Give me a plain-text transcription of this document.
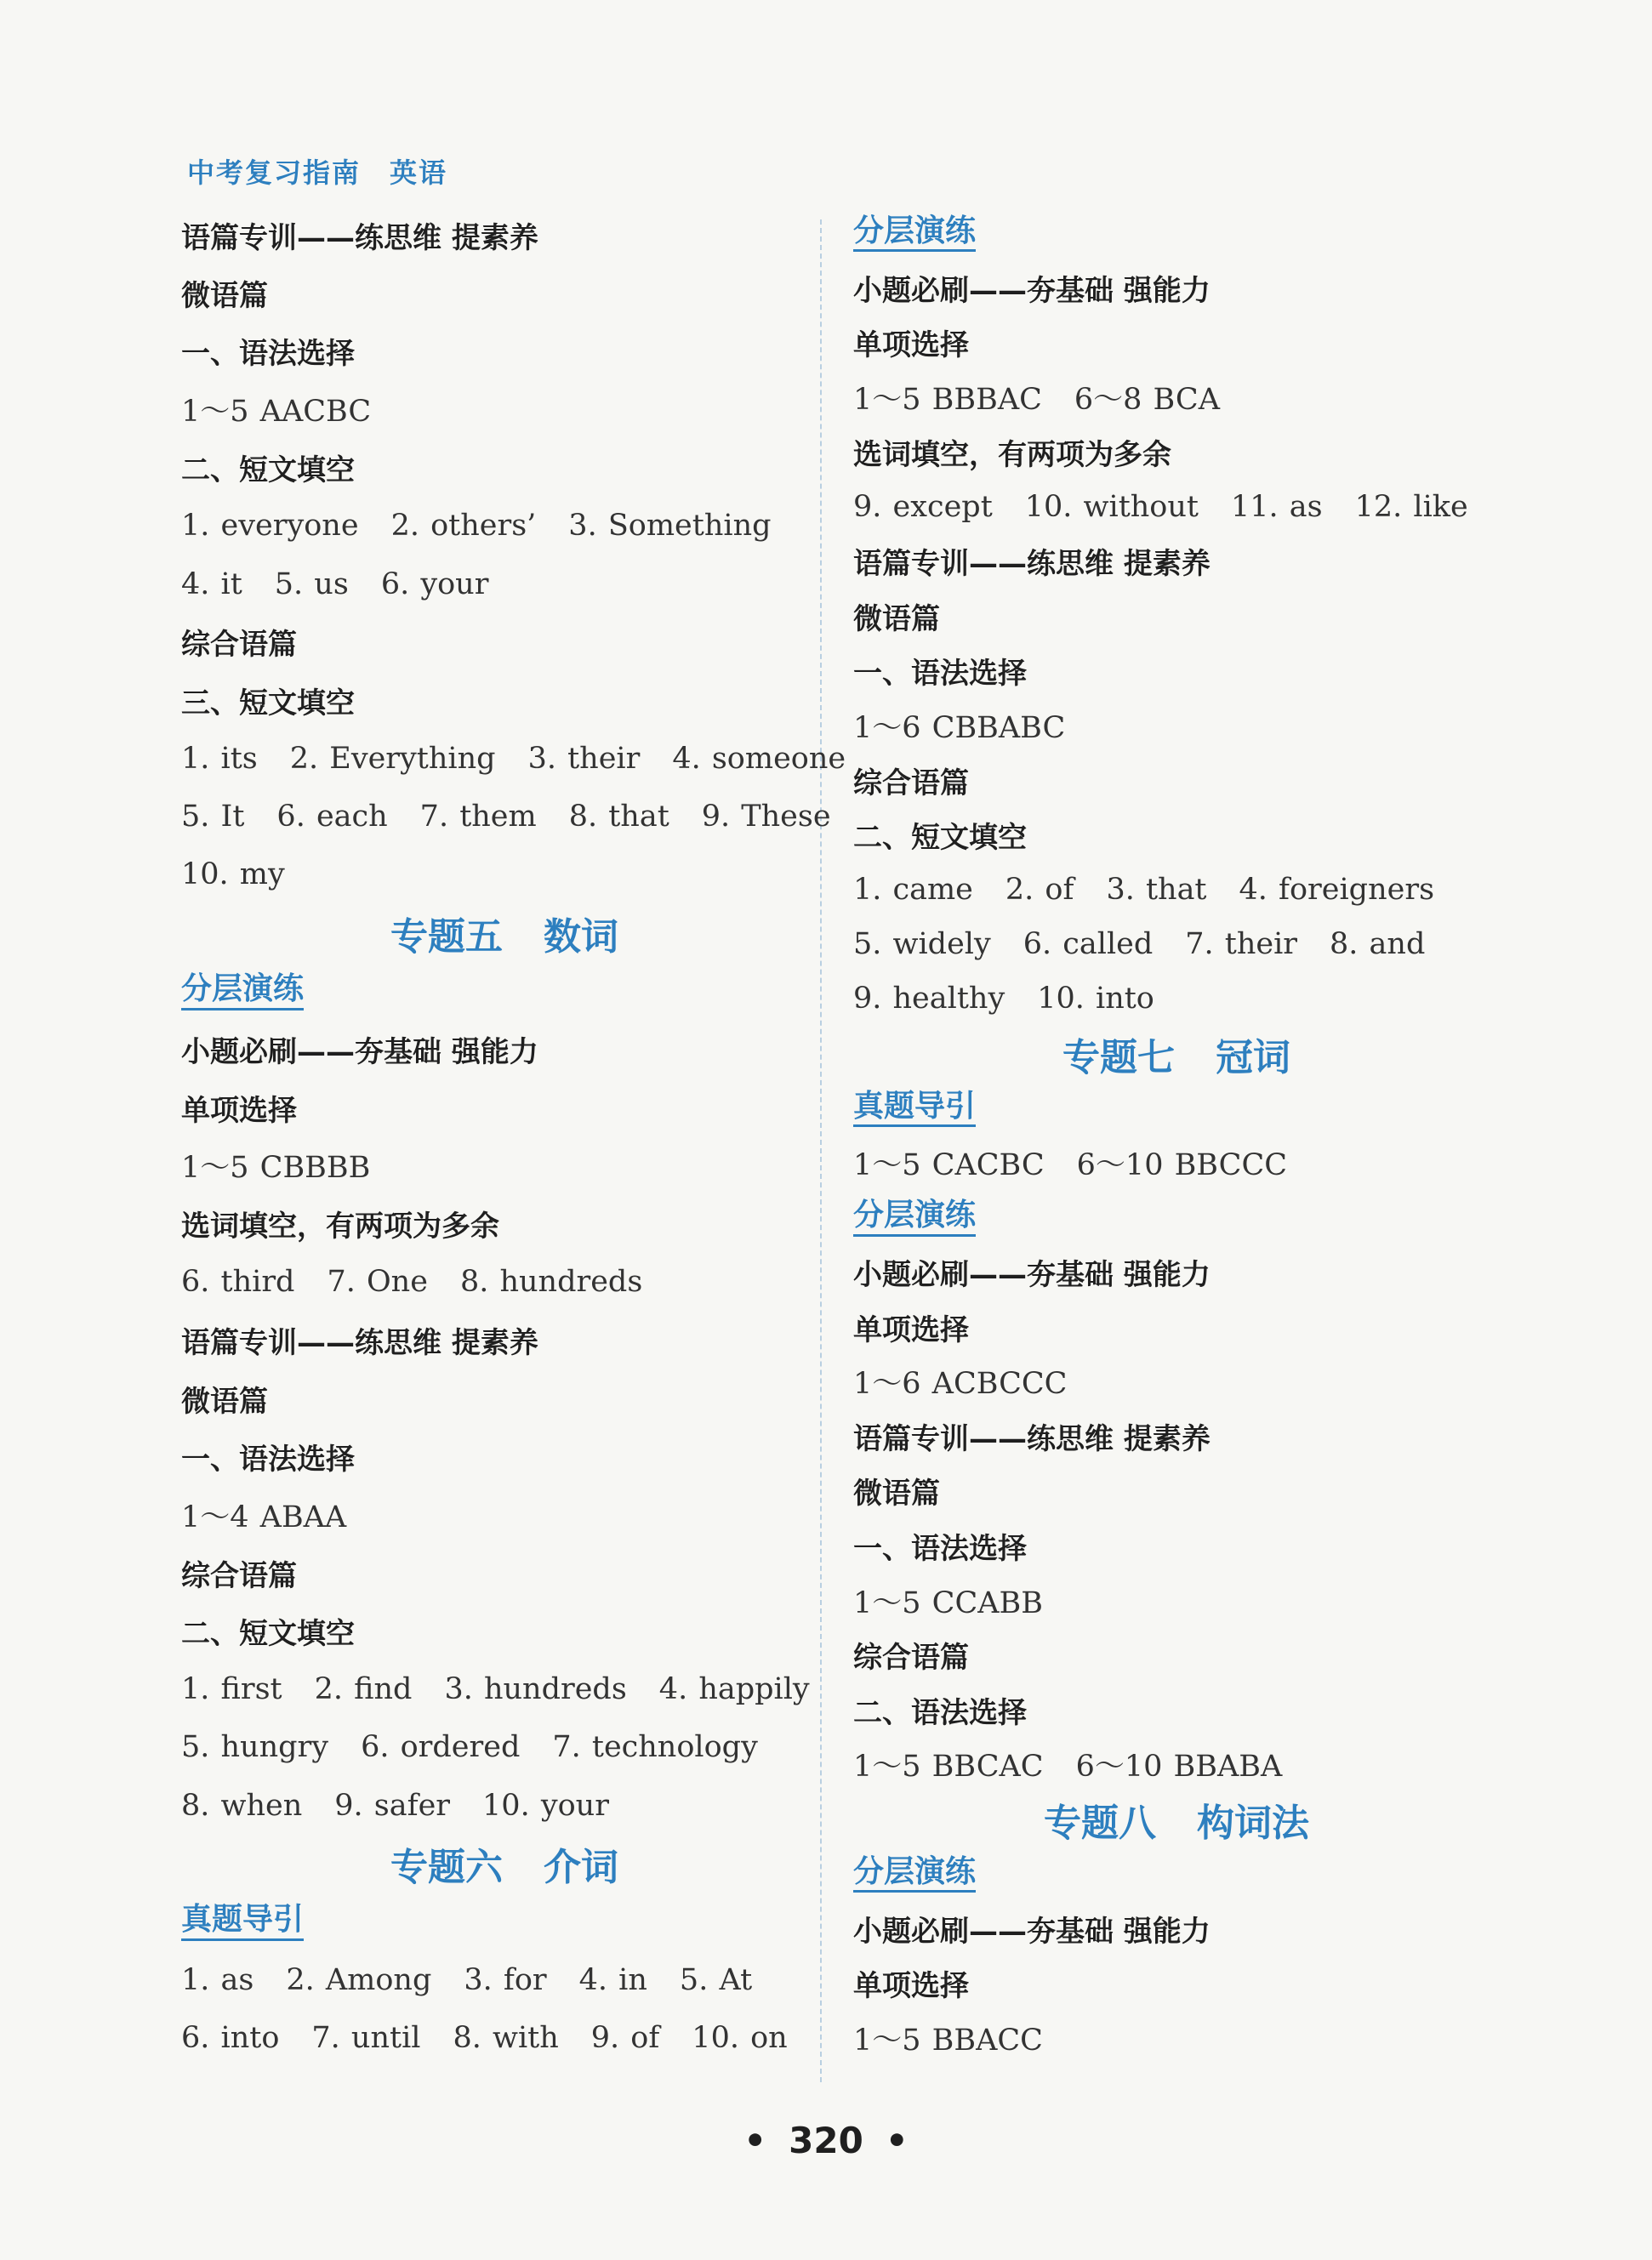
中考复习指南 英语
语篇专训——练思维 提素养
微语篇
一、语法选择
1～5 AACBC
二、短文填空
1. everyone 2. others’ 3. Something
4. it 5. us 6. your
综合语篇
三、短文填空
1. its 2. Everything 3. their 4. someone
5. It 6. each 7. them 8. that 9. These
10. my
专题五 数词
分层演练
小题必刷——夯基础 强能力
单项选择
1～5 CBBBB
选词填空，有两项为多余
6. third 7. One 8. hundreds
语篇专训——练思维 提素养
微语篇
一、语法选择
1～4 ABAA
综合语篇
二、短文填空
1. first 2. find 3. hundreds 4. happily
5. hungry 6. ordered 7. technology
8. when 9. safer 10. your
专题六 介词
真题导引
1. as 2. Among 3. for 4. in 5. At
6. into 7. until 8. with 9. of 10. on
分层演练
小题必刷——夯基础 强能力
单项选择
1～5 BBBAC 6～8 BCA
选词填空，有两项为多余
9. except 10. without 11. as 12. like
语篇专训——练思维 提素养
微语篇
一、语法选择
1～6 CBBABC
综合语篇
二、短文填空
1. came 2. of 3. that 4. foreigners
5. widely 6. called 7. their 8. and
9. healthy 10. into
专题七 冠词
真题导引
1～5 CACBC 6～10 BBCCC
分层演练
小题必刷——夯基础 强能力
单项选择
1～6 ACBCCC
语篇专训——练思维 提素养
微语篇
一、语法选择
1～5 CCABB
综合语篇
二、语法选择
1～5 BBCAC 6～10 BBABA
专题八 构词法
分层演练
小题必刷——夯基础 强能力
单项选择
1～5 BBACC
• 320 •
